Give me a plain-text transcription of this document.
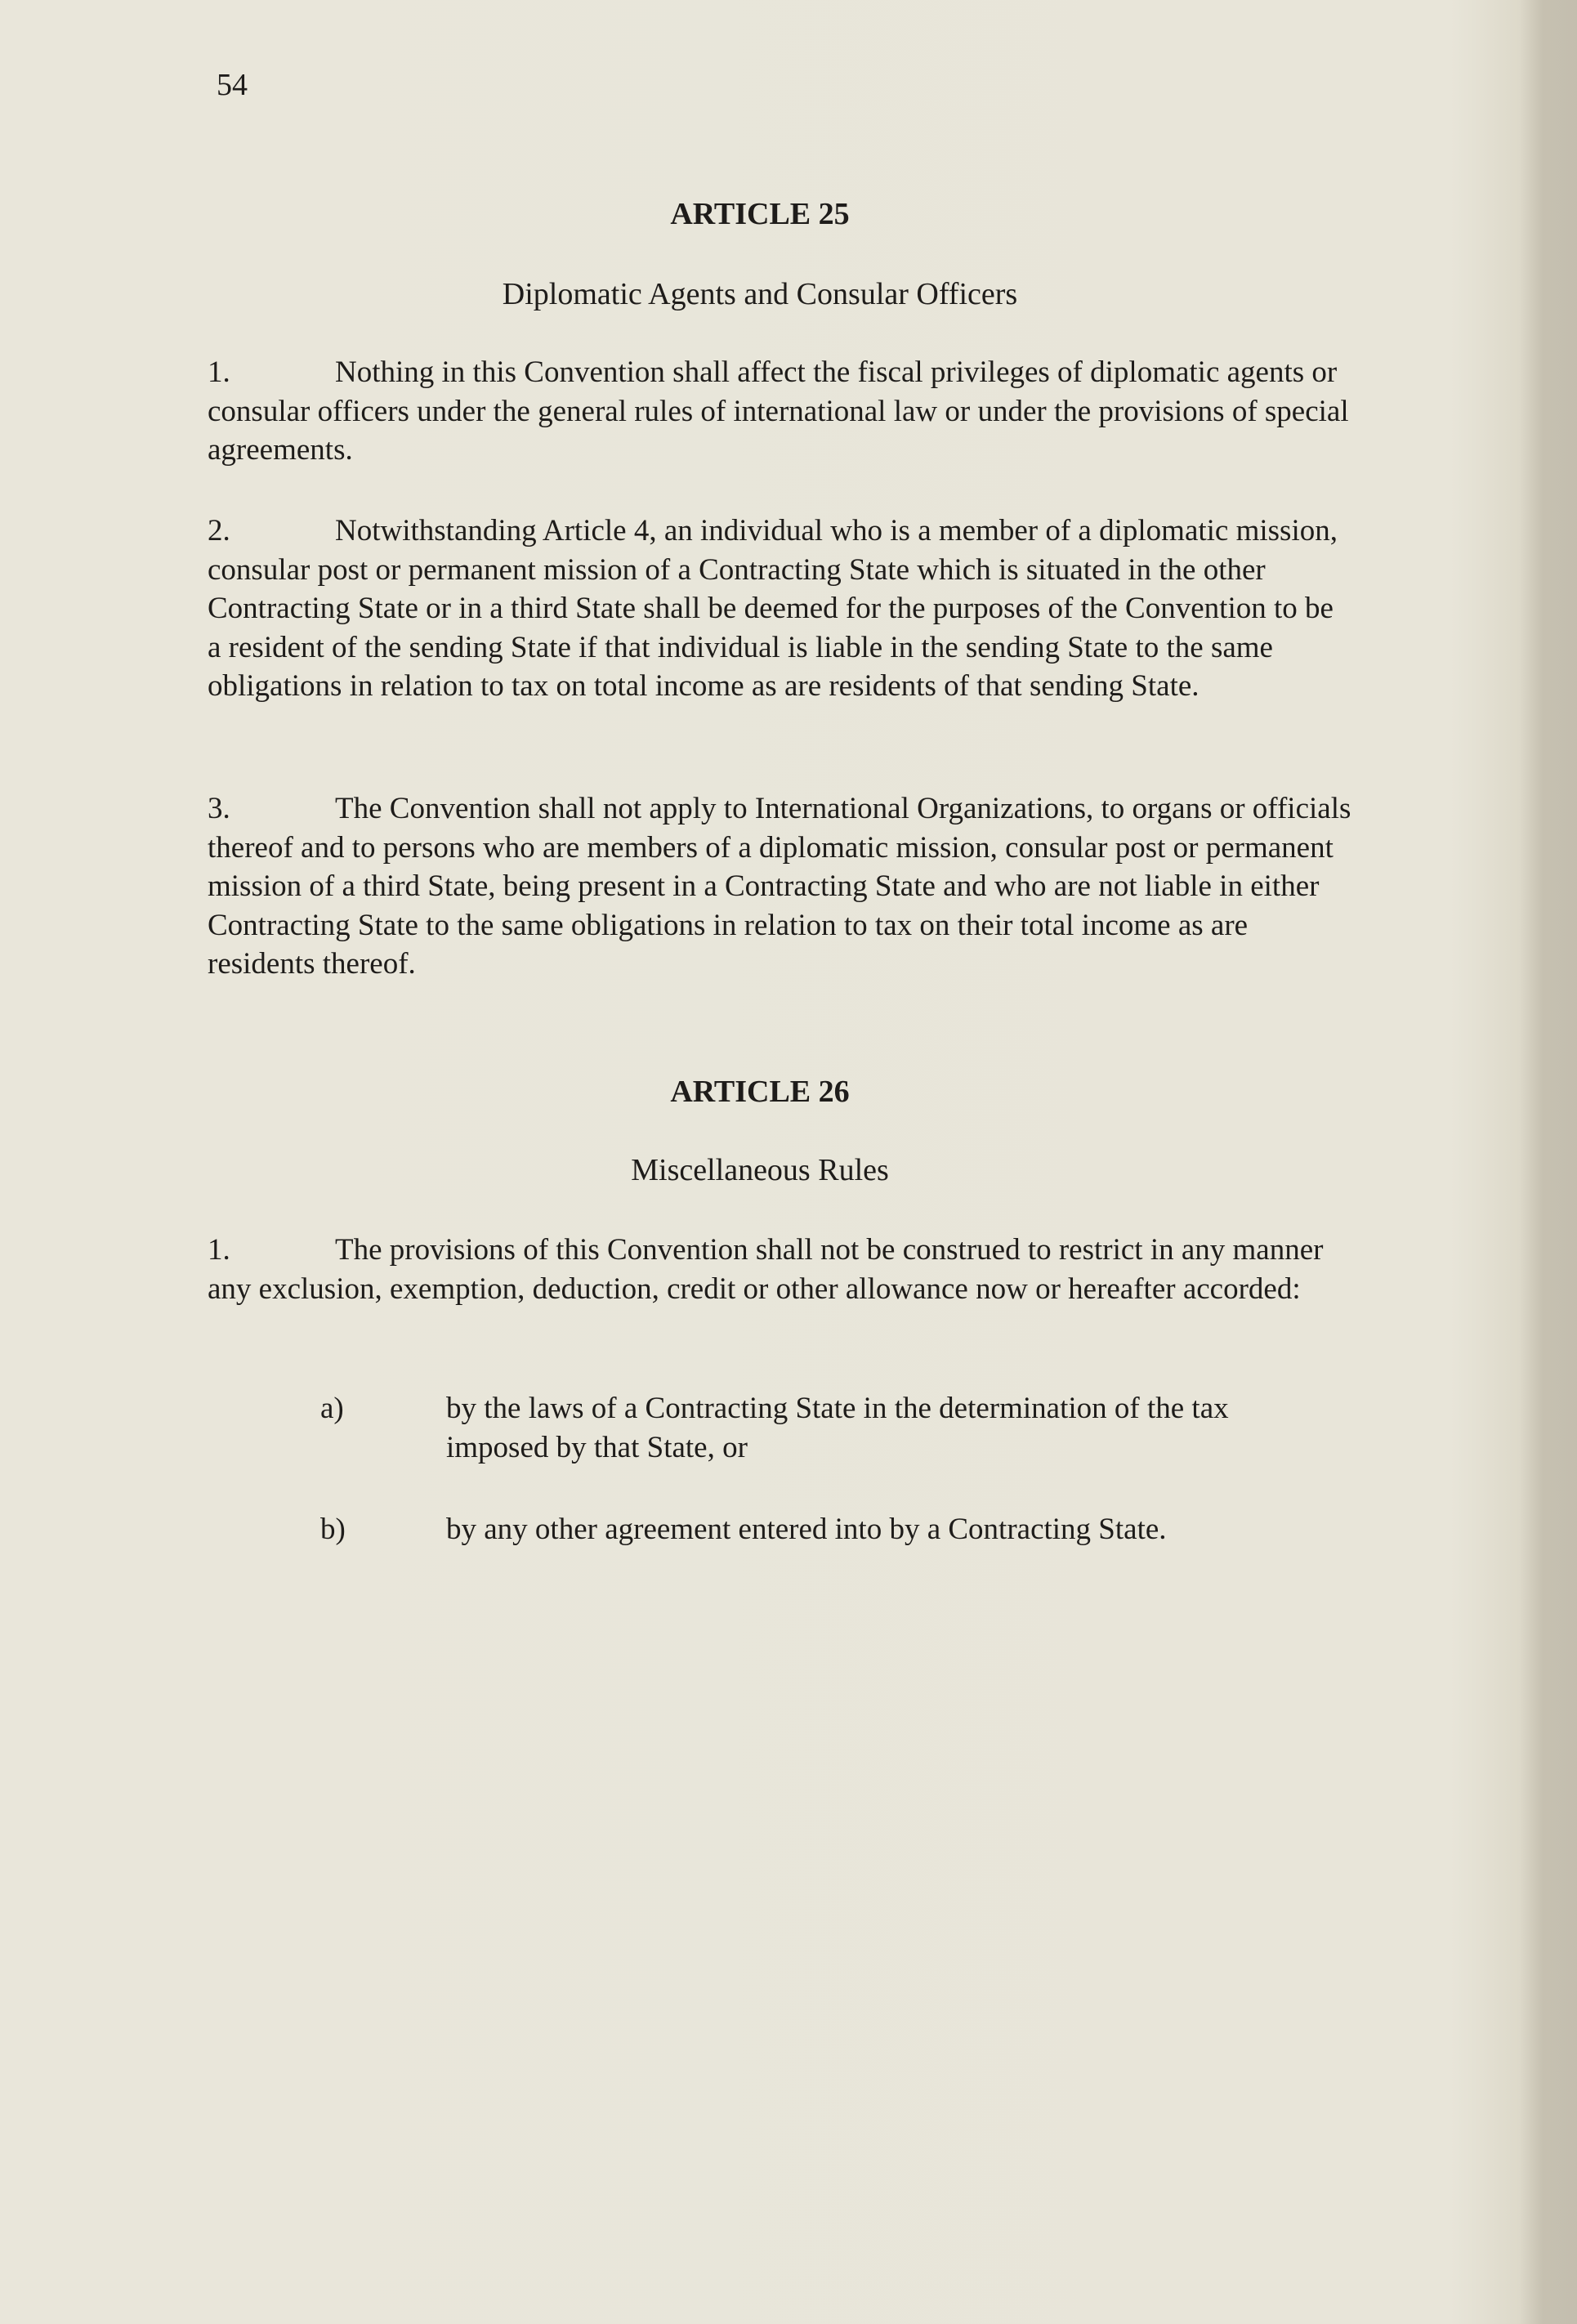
54
ARTICLE 25
Diplomatic Agents and Consular Officers

1.	Nothing in this Convention shall affect the fiscal privileges of diplomatic agents or consular officers under the general rules of international law or under the provisions of special agreements.

2.	Notwithstanding Article 4, an individual who is a member of a diplomatic mission, consular post or permanent mission of a Contracting State which is situated in the other Contracting State or in a third State shall be deemed for the purposes of the Convention to be a resident of the sending State if that individual is liable in the sending State to the same obligations in relation to tax on total income as are residents of that sending State.

3.	The Convention shall not apply to International Organizations, to organs or officials thereof and to persons who are members of a diplomatic mission, consular post or permanent mission of a third State, being present in a Contracting State and who are not liable in either Contracting State to the same obligations in relation to tax on their total income as are residents thereof.

ARTICLE 26
Miscellaneous Rules

1.	The provisions of this Convention shall not be construed to restrict in any manner any exclusion, exemption, deduction, credit or other allowance now or hereafter accorded:

a)	by the laws of a Contracting State in the determination of the tax imposed by that State, or
b)	by any other agreement entered into by a Contracting State.
